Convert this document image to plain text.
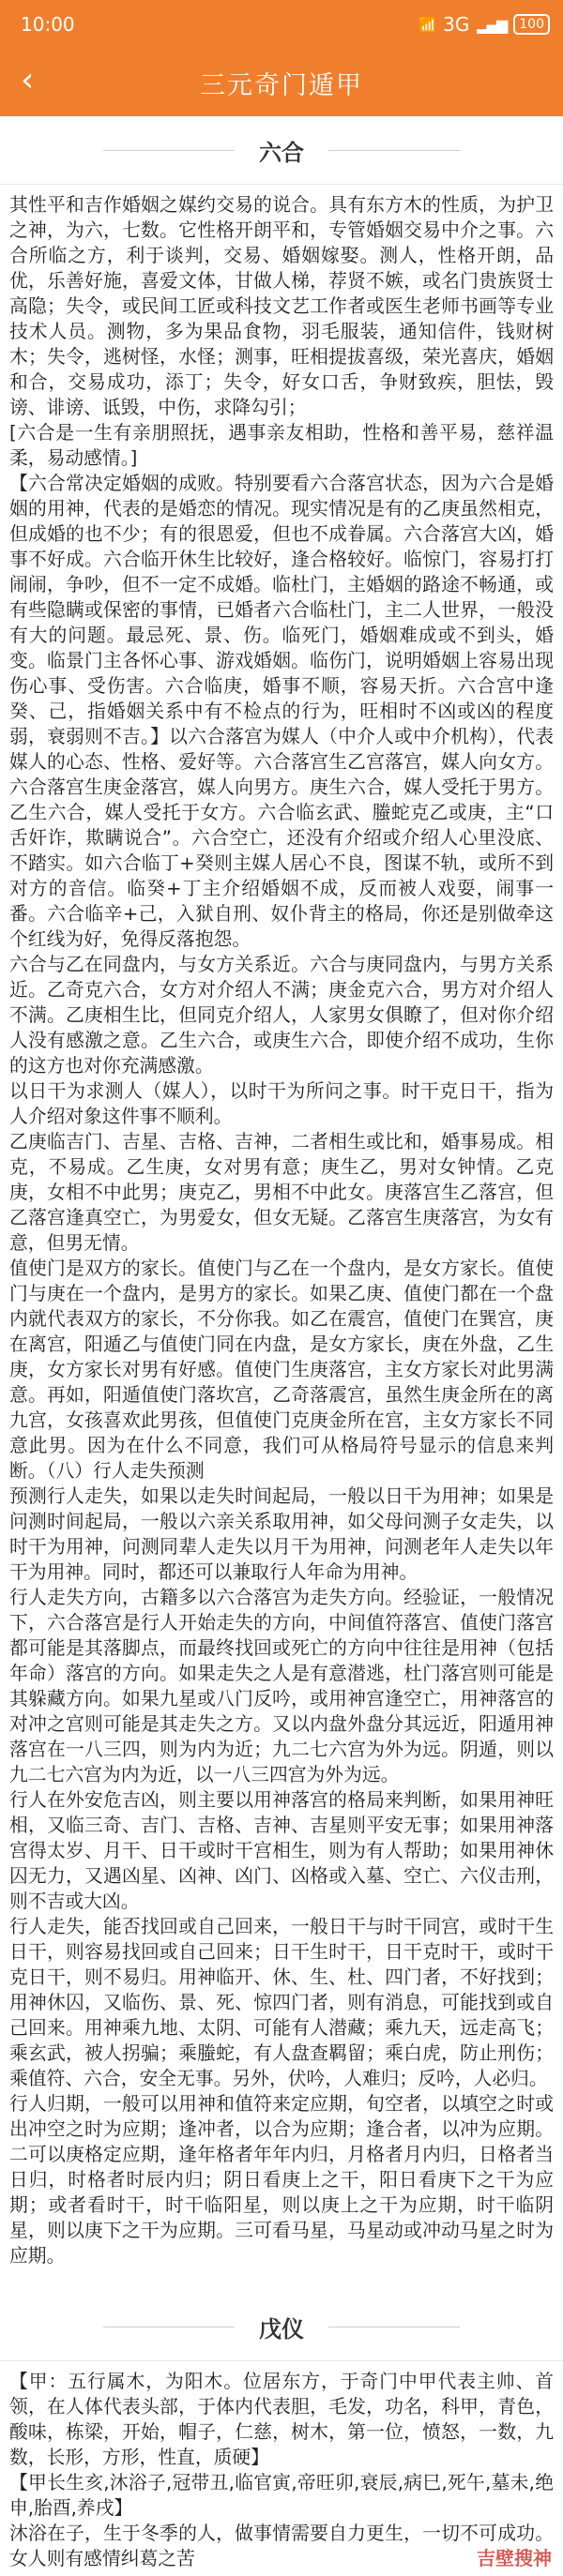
10:00	📶 3G ▂▄▆	100
‹	三元奇门遁甲
六合

其性平和吉作婚姻之媒约交易的说合。具有东方木的性质，为护卫之神，为六，七数。它性格开朗平和，专管婚姻交易中介之事。六合所临之方，利于谈判，交易、婚姻嫁娶。测人，性格开朗，品优，乐善好施，喜爱文体，甘做人梯，荐贤不嫉，或名门贵族贤士高隐；失令，或民间工匠或科技文艺工作者或医生老师书画等专业技术人员。测物，多为果品食物，羽毛服装，通知信件，钱财树木；失令，逃树怪，水怪；测事，旺相提拔喜级，荣光喜庆，婚姻和合，交易成功，添丁；失令，好女口舌，争财致疾，胆怯，毁谤、诽谤、诋毁，中伤，求降勾引；

[六合是一生有亲朋照抚，遇事亲友相助，性格和善平易，慈祥温柔，易动感情。]

【六合常决定婚姻的成败。特别要看六合落宫状态，因为六合是婚姻的用神，代表的是婚恋的情况。现实情况是有的乙庚虽然相克，但成婚的也不少；有的很恩爱，但也不成眷属。六合落宫大凶，婚事不好成。六合临开休生比较好，逢合格较好。临惊门，容易打打闹闹，争吵，但不一定不成婚。临杜门，主婚姻的路途不畅通，或有些隐瞒或保密的事情，已婚者六合临杜门，主二人世界，一般没有大的问题。最忌死、景、伤。临死门，婚姻难成或不到头，婚变。临景门主各怀心事、游戏婚姻。临伤门，说明婚姻上容易出现伤心事、受伤害。六合临庚，婚事不顺，容易天折。六合宫中逢癸、己，指婚姻关系中有不检点的行为，旺相时不凶或凶的程度弱，衰弱则不吉。】以六合落宫为媒人（中介人或中介机构），代表媒人的心态、性格、爱好等。六合落宫生乙宫落宫，媒人向女方。六合落宫生庚金落宫，媒人向男方。庚生六合，媒人受托于男方。乙生六合，媒人受托于女方。六合临玄武、螣蛇克乙或庚，主“口舌奸诈，欺瞒说合”。六合空亡，还没有介绍或介绍人心里没底、不踏实。如六合临丁+癸则主媒人居心不良，图谋不轨，或所不到对方的音信。临癸+丁主介绍婚姻不成，反而被人戏耍，闹事一番。六合临辛+己，入狱自刑、奴仆背主的格局，你还是别做牵这个红线为好，免得反落抱怨。

六合与乙在同盘内，与女方关系近。六合与庚同盘内，与男方关系近。乙奇克六合，女方对介绍人不满；庚金克六合，男方对介绍人不满。乙庚相生比，但同克介绍人，人家男女俱瞭了，但对你介绍人没有感激之意。乙生六合，或庚生六合，即使介绍不成功，生你的这方也对你充满感激。

以日干为求测人（媒人），以时干为所问之事。时干克日干，指为人介绍对象这件事不顺利。

乙庚临吉门、吉星、吉格、吉神，二者相生或比和，婚事易成。相克，不易成。乙生庚，女对男有意；庚生乙，男对女钟情。乙克庚，女相不中此男；庚克乙，男相不中此女。庚落宫生乙落宫，但乙落宫逢真空亡，为男爱女，但女无疑。乙落宫生庚落宫，为女有意，但男无情。

值使门是双方的家长。值使门与乙在一个盘内，是女方家长。值使门与庚在一个盘内，是男方的家长。如果乙庚、值使门都在一个盘内就代表双方的家长，不分你我。如乙在震宫，值使门在巽宫，庚在离宫，阳遁乙与值使门同在内盘，是女方家长，庚在外盘，乙生庚，女方家长对男有好感。值使门生庚落宫，主女方家长对此男满意。再如，阳遁值使门落坎宫，乙奇落震宫，虽然生庚金所在的离九宫，女孩喜欢此男孩，但值使门克庚金所在宫，主女方家长不同意此男。因为在什么不同意，我们可从格局符号显示的信息来判断。（八）行人走失预测

预测行人走失，如果以走失时间起局，一般以日干为用神；如果是问测时间起局，一般以六亲关系取用神，如父母问测子女走失，以时干为用神，问测同辈人走失以月干为用神，问测老年人走失以年干为用神。同时，都还可以兼取行人年命为用神。

行人走失方向，古籍多以六合落宫为走失方向。经验证，一般情况下，六合落宫是行人开始走失的方向，中间值符落宫、值使门落宫都可能是其落脚点，而最终找回或死亡的方向中往往是用神（包括年命）落宫的方向。如果走失之人是有意潜逃，杜门落宫则可能是其躲藏方向。如果九星或八门反吟，或用神宫逢空亡，用神落宫的对冲之宫则可能是其走失之方。又以内盘外盘分其远近，阳遁用神落宫在一八三四，则为内为近；九二七六宫为外为远。阴遁，则以九二七六宫为内为近，以一八三四宫为外为远。

行人在外安危吉凶，则主要以用神落宫的格局来判断，如果用神旺相，又临三奇、吉门、吉格、吉神、吉星则平安无事；如果用神落宫得太岁、月干、日干或时干宫相生，则为有人帮助；如果用神休囚无力，又遇凶星、凶神、凶门、凶格或入墓、空亡、六仪击刑，则不吉或大凶。

行人走失，能否找回或自己回来，一般日干与时干同宫，或时干生日干，则容易找回或自己回来；日干生时干，日干克时干，或时干克日干，则不易归。用神临开、休、生、杜、四门者，不好找到；用神休囚，又临伤、景、死、惊四门者，则有消息，可能找到或自己回来。用神乘九地、太阴、可能有人潜藏；乘九天，远走高飞；乘玄武，被人拐骗；乘螣蛇，有人盘查羁留；乘白虎，防止刑伤；乘值符、六合，安全无事。另外，伏吟，人难归；反吟，人必归。

行人归期，一般可以用神和值符来定应期，旬空者，以填空之时或出冲空之时为应期；逢冲者，以合为应期；逢合者，以冲为应期。二可以庚格定应期，逢年格者年年内归，月格者月内归，日格者当日归，时格者时辰内归；阴日看庚上之干，阳日看庚下之干为应期；或者看时干，时干临阳星，则以庚上之干为应期，时干临阴星，则以庚下之干为应期。三可看马星，马星动或冲动马星之时为应期。

戊仪

【甲：五行属木，为阳木。位居东方，于奇门中甲代表主帅、首领，在人体代表头部，于体内代表胆，毛发，功名，科甲，青色，酸味，栋梁，开始，帽子，仁慈，树木，第一位，愤怒，一数，九数，长形，方形，性直，质硬】

【甲长生亥,沐浴子,冠带丑,临官寅,帝旺卯,衰辰,病巳,死午,墓未,绝申,胎酉,养戌】

沐浴在子，生于冬季的人，做事情需要自力更生，一切不可成功。女人则有感情纠葛之苦	吉壁搜神
